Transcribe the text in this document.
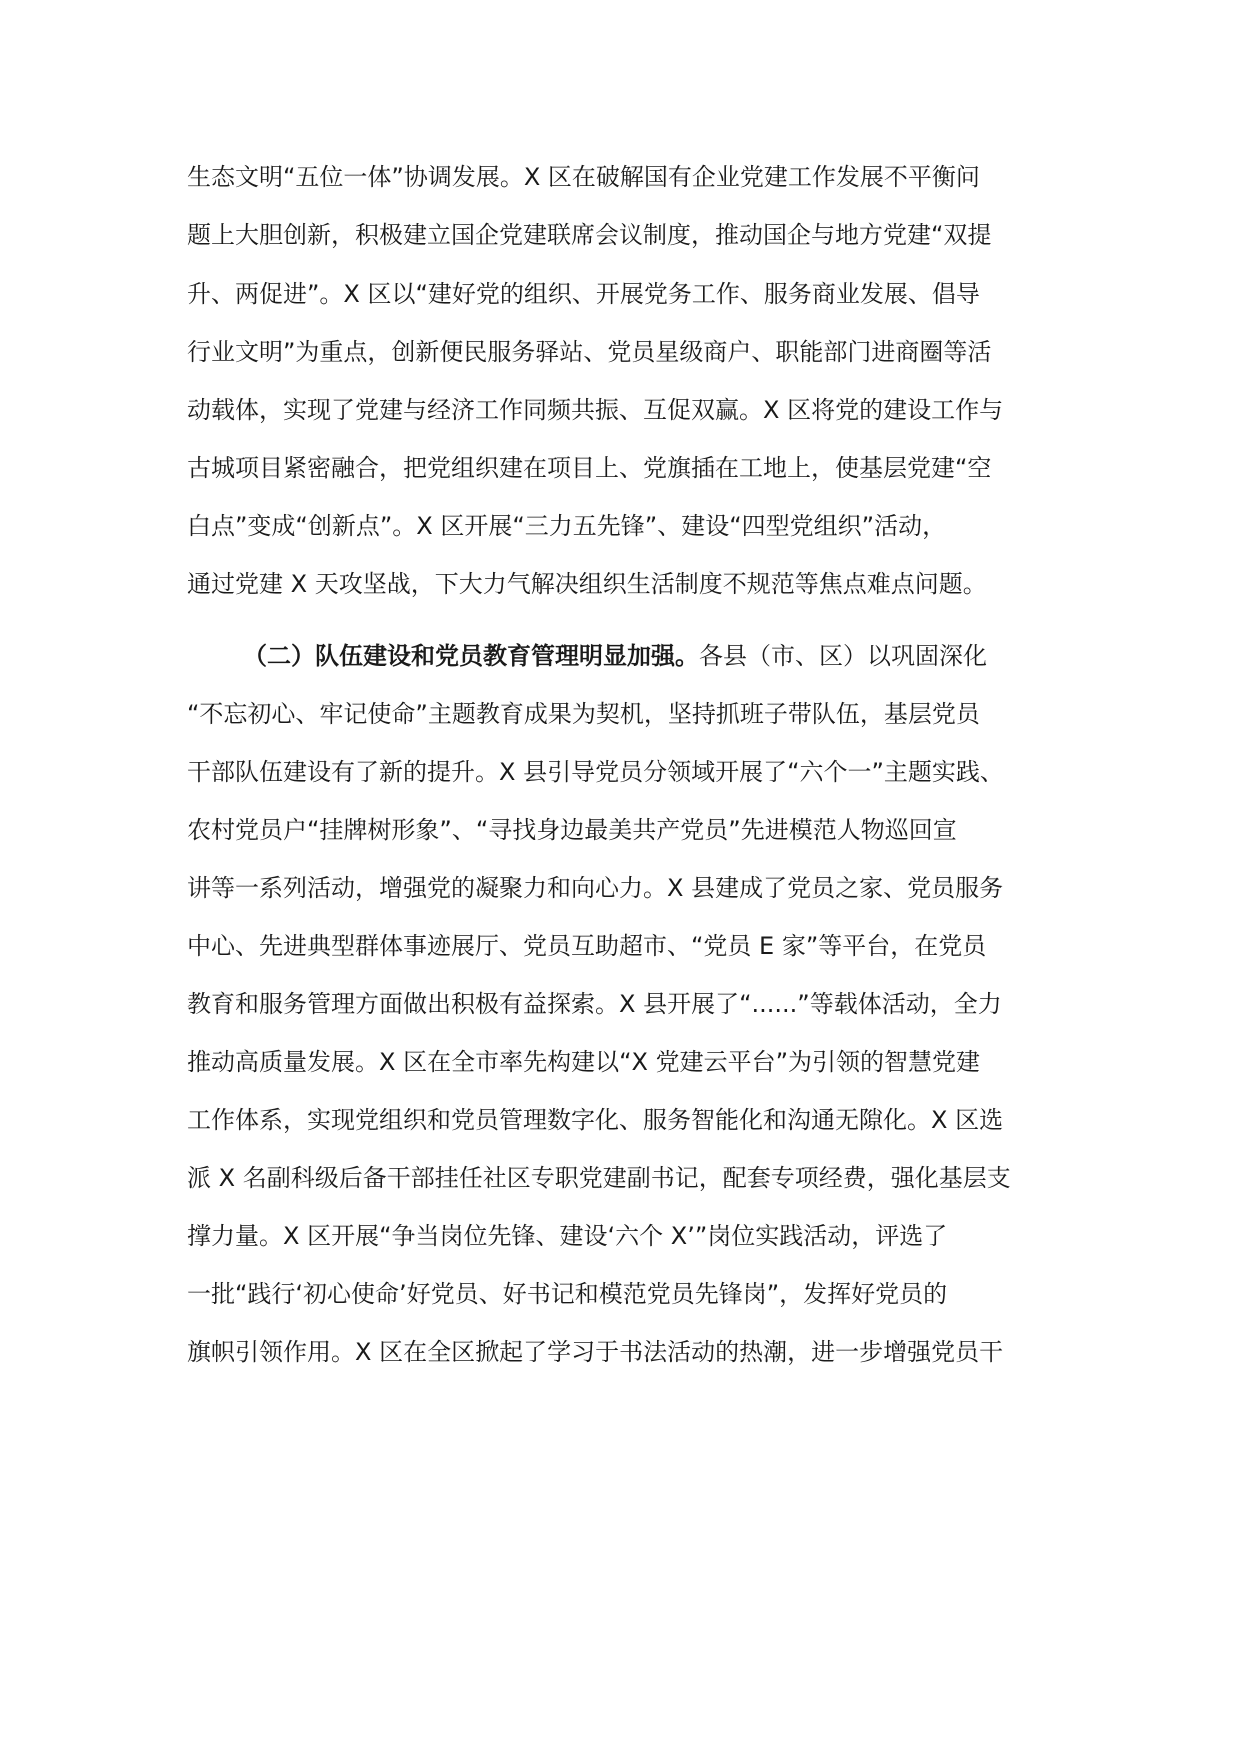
生态文明“五位一体”协调发展。X 区在破解国有企业党建工作发展不平衡问
题上大胆创新，积极建立国企党建联席会议制度，推动国企与地方党建“双提
升、两促进”。X 区以“建好党的组织、开展党务工作、服务商业发展、倡导
行业文明”为重点，创新便民服务驿站、党员星级商户、职能部门进商圈等活
动载体，实现了党建与经济工作同频共振、互促双赢。X 区将党的建设工作与
古城项目紧密融合，把党组织建在项目上、党旗插在工地上，使基层党建“空
白点”变成“创新点”。X 区开展“三力五先锋”、建设“四型党组织”活动，
通过党建 X 天攻坚战，下大力气解决组织生活制度不规范等焦点难点问题。
（二）队伍建设和党员教育管理明显加强。各县（市、区）以巩固深化
“不忘初心、牢记使命”主题教育成果为契机，坚持抓班子带队伍，基层党员
干部队伍建设有了新的提升。X 县引导党员分领域开展了“六个一”主题实践、
农村党员户“挂牌树形象”、“寻找身边最美共产党员”先进模范人物巡回宣
讲等一系列活动，增强党的凝聚力和向心力。X 县建成了党员之家、党员服务
中心、先进典型群体事迹展厅、党员互助超市、“党员 E 家”等平台，在党员
教育和服务管理方面做出积极有益探索。X 县开展了“......”等载体活动，全力
推动高质量发展。X 区在全市率先构建以“X 党建云平台”为引领的智慧党建
工作体系，实现党组织和党员管理数字化、服务智能化和沟通无隙化。X 区选
派 X 名副科级后备干部挂任社区专职党建副书记，配套专项经费，强化基层支
撑力量。X 区开展“争当岗位先锋、建设‘六个 X’”岗位实践活动，评选了
一批“践行‘初心使命’好党员、好书记和模范党员先锋岗”，发挥好党员的
旗帜引领作用。X 区在全区掀起了学习于书法活动的热潮，进一步增强党员干
